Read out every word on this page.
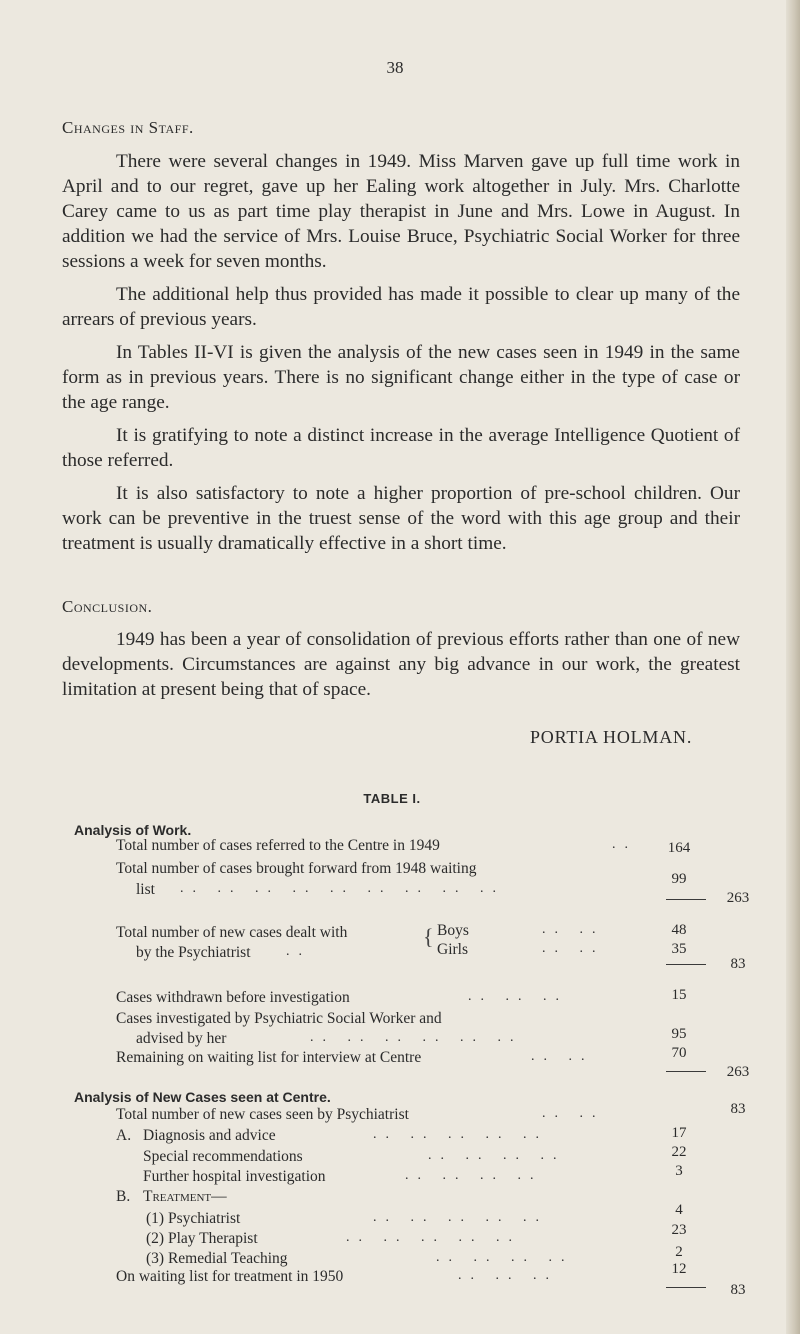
38
Changes in Staff.

There were several changes in 1949. Miss Marven gave up full time work in April and to our regret, gave up her Ealing work altogether in July. Mrs. Charlotte Carey came to us as part time play therapist in June and Mrs. Lowe in August. In addition we had the service of Mrs. Louise Bruce, Psychiatric Social Worker for three sessions a week for seven months.

The additional help thus provided has made it possible to clear up many of the arrears of previous years.

In Tables II-VI is given the analysis of the new cases seen in 1949 in the same form as in previous years. There is no significant change either in the type of case or the age range.

It is gratifying to note a distinct increase in the average Intelligence Quotient of those referred.

It is also satisfactory to note a higher proportion of pre-school children. Our work can be preventive in the truest sense of the word with this age group and their treatment is usually dramatically effective in a short time.

Conclusion.

1949 has been a year of consolidation of previous efforts rather than one of new developments. Circumstances are against any big advance in our work, the greatest limitation at present being that of space.

PORTIA HOLMAN.
TABLE I.
Analysis of Work.
Total number of cases referred to the Centre in 1949	..	164
Total number of cases brought forward from 1948 waiting
list .. .. .. .. .. .. .. .. ..
99
263
Total number of new cases dealt with
by the Psychiatrist	..
{ Boys	.. ..	48
Girls	.. ..	35
83
Cases withdrawn before investigation	.. .. ..	15
Cases investigated by Psychiatric Social Worker and
advised by her	.. .. .. .. .. ..	95
Remaining on waiting list for interview at Centre	.. ..	70
263
Analysis of New Cases seen at Centre.
Total number of new cases seen by Psychiatrist	.. ..	83
A. Diagnosis and advice	.. .. .. .. ..	17
Special recommendations	.. .. .. ..	22
Further hospital investigation	.. .. .. ..	3
B. Treatment—
(1) Psychiatrist	.. .. .. .. ..	4
(2) Play Therapist	.. .. .. .. ..	23
(3) Remedial Teaching	.. .. .. ..	2
On waiting list for treatment in 1950	.. .. ..	12
83
